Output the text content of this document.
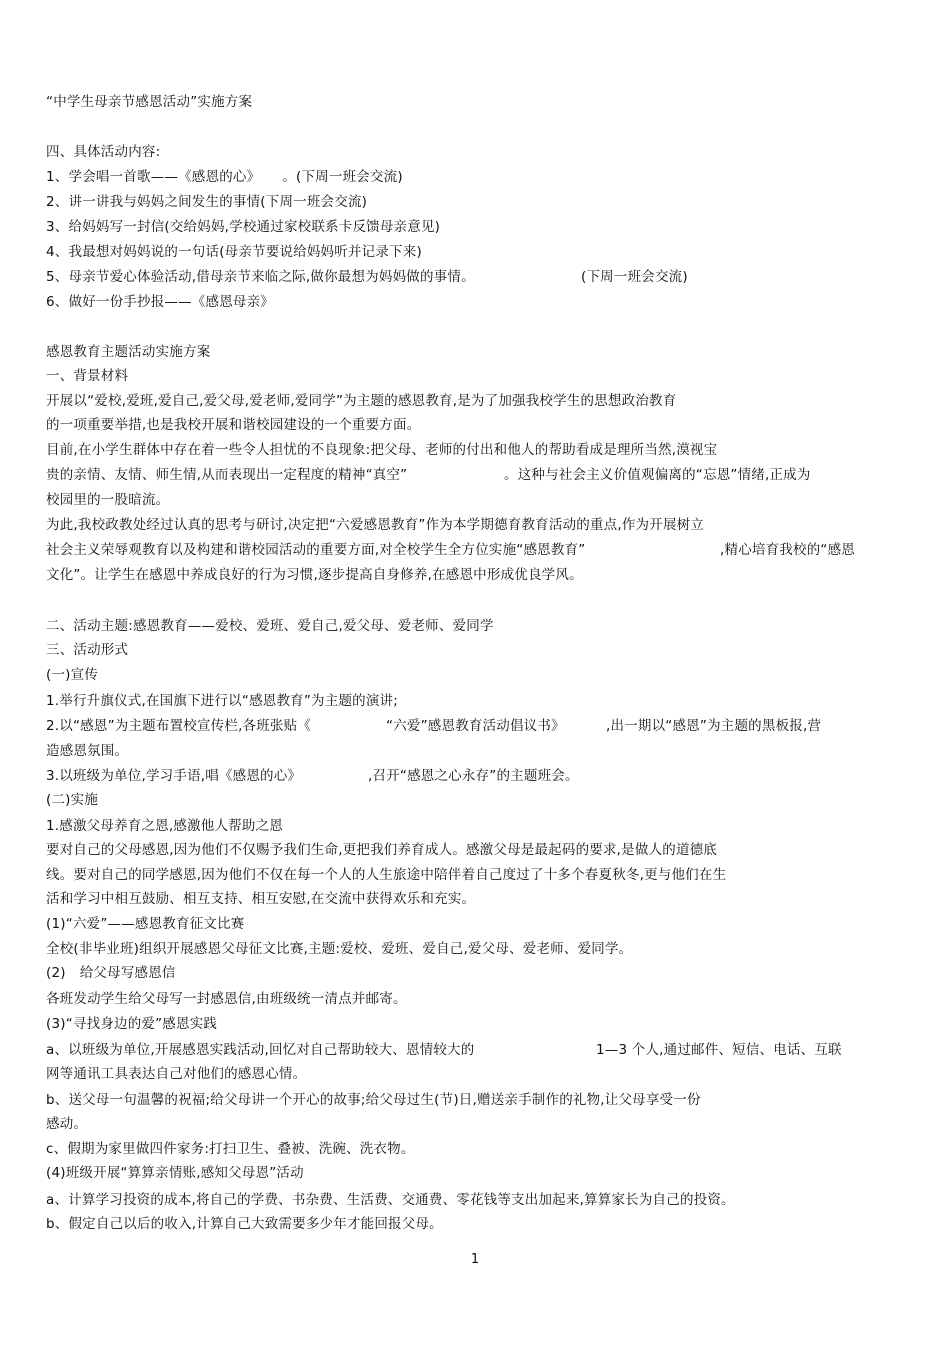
“中学生母亲节感恩活动”实施方案
四、具体活动内容:
1、学会唱一首歌——《感恩的心》 。(下周一班会交流)
2、讲一讲我与妈妈之间发生的事情(下周一班会交流)
3、给妈妈写一封信(交给妈妈,学校通过家校联系卡反馈母亲意见)
4、我最想对妈妈说的一句话(母亲节要说给妈妈听并记录下来)
5、母亲节爱心体验活动,借母亲节来临之际,做你最想为妈妈做的事情。	(下周一班会交流)
6、做好一份手抄报——《感恩母亲》
感恩教育主题活动实施方案
一、背景材料
开展以“爱校,爱班,爱自己,爱父母,爱老师,爱同学”为主题的感恩教育,是为了加强我校学生的思想政治教育
的一项重要举措,也是我校开展和谐校园建设的一个重要方面。
目前,在小学生群体中存在着一些令人担忧的不良现象:把父母、老师的付出和他人的帮助看成是理所当然,漠视宝
贵的亲情、友情、师生情,从而表现出一定程度的精神“真空”	。这种与社会主义价值观偏离的“忘恩”情绪,正成为
校园里的一股暗流。
为此,我校政教处经过认真的思考与研讨,决定把“六爱感恩教育”作为本学期德育教育活动的重点,作为开展树立
社会主义荣辱观教育以及构建和谐校园活动的重要方面,对全校学生全方位实施“感恩教育”	,精心培育我校的“感恩
文化”。让学生在感恩中养成良好的行为习惯,逐步提高自身修养,在感恩中形成优良学风。
二、活动主题:感恩教育——爱校、爱班、爱自己,爱父母、爱老师、爱同学
三、活动形式
(一)宣传
1.举行升旗仪式,在国旗下进行以“感恩教育”为主题的演讲;
2.以“感恩”为主题布置校宣传栏,各班张贴《	“六爱”感恩教育活动倡议书》	,出一期以“感恩”为主题的黑板报,营
造感恩氛围。
3.以班级为单位,学习手语,唱《感恩的心》	,召开“感恩之心永存”的主题班会。
(二)实施
1.感激父母养育之恩,感激他人帮助之恩
要对自己的父母感恩,因为他们不仅赐予我们生命,更把我们养育成人。感激父母是最起码的要求,是做人的道德底
线。要对自己的同学感恩,因为他们不仅在每一个人的人生旅途中陪伴着自己度过了十多个春夏秋冬,更与他们在生
活和学习中相互鼓励、相互支持、相互安慰,在交流中获得欢乐和充实。
(1)“六爱”——感恩教育征文比赛
全校(非毕业班)组织开展感恩父母征文比赛,主题:爱校、爱班、爱自己,爱父母、爱老师、爱同学。
(2) 给父母写感恩信
各班发动学生给父母写一封感恩信,由班级统一清点并邮寄。
(3)“寻找身边的爱”感恩实践
a、以班级为单位,开展感恩实践活动,回忆对自己帮助较大、恩情较大的	1—3 个人,通过邮件、短信、电话、互联
网等通讯工具表达自己对他们的感恩心情。
b、送父母一句温馨的祝福;给父母讲一个开心的故事;给父母过生(节)日,赠送亲手制作的礼物,让父母享受一份
感动。
c、假期为家里做四件家务:打扫卫生、叠被、洗碗、洗衣物。
(4)班级开展“算算亲情账,感知父母恩”活动
a、计算学习投资的成本,将自己的学费、书杂费、生活费、交通费、零花钱等支出加起来,算算家长为自己的投资。
b、假定自己以后的收入,计算自己大致需要多少年才能回报父母。
1
